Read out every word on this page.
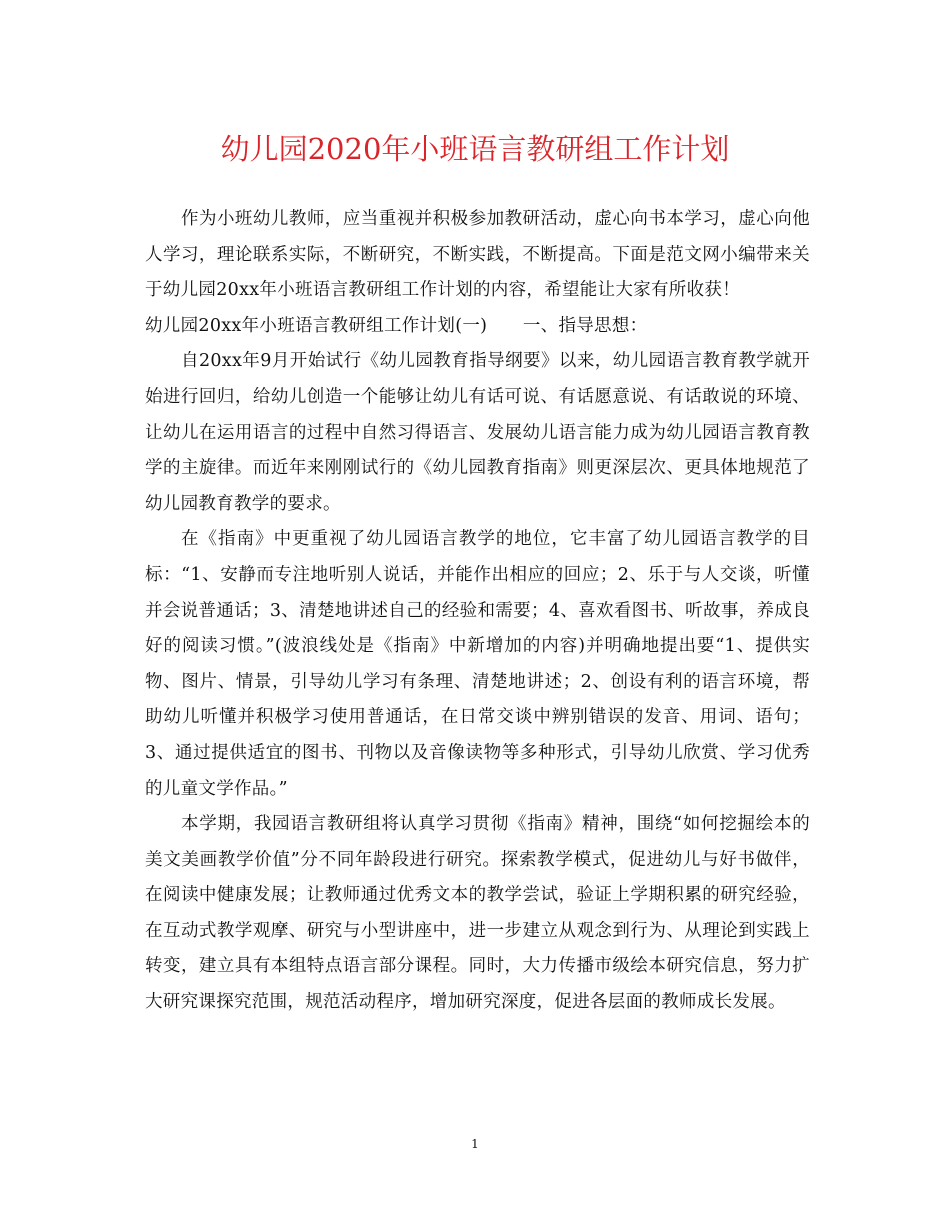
幼儿园2020年小班语言教研组工作计划

作为小班幼儿教师，应当重视并积极参加教研活动，虚心向书本学习，虚心向他人学习，理论联系实际，不断研究，不断实践，不断提高。下面是范文网小编带来关于幼儿园20xx年小班语言教研组工作计划的内容，希望能让大家有所收获！

幼儿园20xx年小班语言教研组工作计划(一)　　一、指导思想：

自20xx年9月开始试行《幼儿园教育指导纲要》以来，幼儿园语言教育教学就开始进行回归，给幼儿创造一个能够让幼儿有话可说、有话愿意说、有话敢说的环境、让幼儿在运用语言的过程中自然习得语言、发展幼儿语言能力成为幼儿园语言教育教学的主旋律。而近年来刚刚试行的《幼儿园教育指南》则更深层次、更具体地规范了幼儿园教育教学的要求。

在《指南》中更重视了幼儿园语言教学的地位，它丰富了幼儿园语言教学的目标：“1、安静而专注地听别人说话，并能作出相应的回应；2、乐于与人交谈，听懂并会说普通话；3、清楚地讲述自己的经验和需要；4、喜欢看图书、听故事，养成良好的阅读习惯。”(波浪线处是《指南》中新增加的内容)并明确地提出要“1、提供实物、图片、情景，引导幼儿学习有条理、清楚地讲述；2、创设有利的语言环境，帮助幼儿听懂并积极学习使用普通话，在日常交谈中辨别错误的发音、用词、语句；3、通过提供适宜的图书、刊物以及音像读物等多种形式，引导幼儿欣赏、学习优秀的儿童文学作品。”

本学期，我园语言教研组将认真学习贯彻《指南》精神，围绕“如何挖掘绘本的美文美画教学价值”分不同年龄段进行研究。探索教学模式，促进幼儿与好书做伴，在阅读中健康发展；让教师通过优秀文本的教学尝试，验证上学期积累的研究经验，在互动式教学观摩、研究与小型讲座中，进一步建立从观念到行为、从理论到实践上转变，建立具有本组特点语言部分课程。同时，大力传播市级绘本研究信息，努力扩大研究课探究范围，规范活动程序，增加研究深度，促进各层面的教师成长发展。

1
